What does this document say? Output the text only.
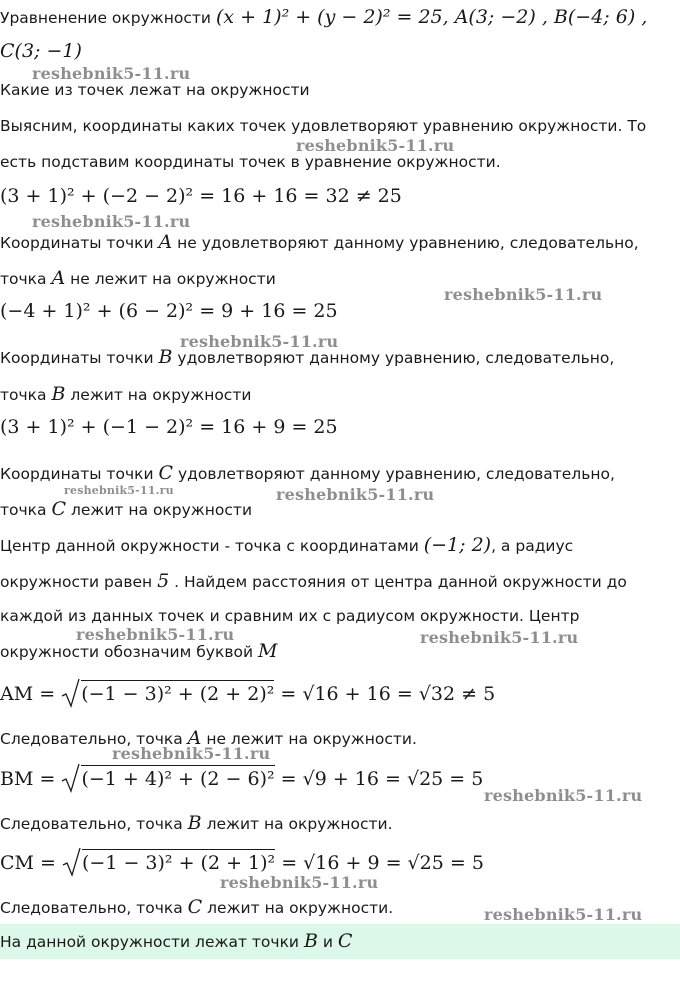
Уравненение окружности (x + 1)² + (y − 2)² = 25, A(3; −2) , B(−4; 6) ,
C(3; −1)
Какие из точек лежат на окружности
Выясним, координаты каких точек удовлетворяют уравнению окружности. То
есть подставим координаты точек в уравнение окружности.
(3 + 1)² + (−2 − 2)² = 16 + 16 = 32 ≠ 25
Координаты точки A не удовлетворяют данному уравнению, следовательно,
точка A не лежит на окружности
(−4 + 1)² + (6 − 2)² = 9 + 16 = 25
Координаты точки B удовлетворяют данному уравнению, следовательно,
точка B лежит на окружности
(3 + 1)² + (−1 − 2)² = 16 + 9 = 25
Координаты точки C удовлетворяют данному уравнению, следовательно,
точка C лежит на окружности
Центр данной окружности - точка с координатами (−1; 2), а радиус
окружности равен 5 . Найдем расстояния от центра данной окружности до
каждой из данных точек и сравним их с радиусом окружности. Центр
окружности обозначим буквой M
AM = (−1 − 3)² + (2 + 2)² = √16 + 16 = √32 ≠ 5
Следовательно, точка A не лежит на окружности.
BM = (−1 + 4)² + (2 − 6)² = √9 + 16 = √25 = 5
Следовательно, точка B лежит на окружности.
CM = (−1 − 3)² + (2 + 1)² = √16 + 9 = √25 = 5
Следовательно, точка C лежит на окружности.
На данной окружности лежат точки B и C
reshebnik5-11.ru
reshebnik5-11.ru
reshebnik5-11.ru
reshebnik5-11.ru
reshebnik5-11.ru
reshebnik5-11.ru	reshebnik5-11.ru
reshebnik5-11.ru	reshebnik5-11.ru
reshebnik5-11.ru
reshebnik5-11.ru
reshebnik5-11.ru
reshebnik5-11.ru
